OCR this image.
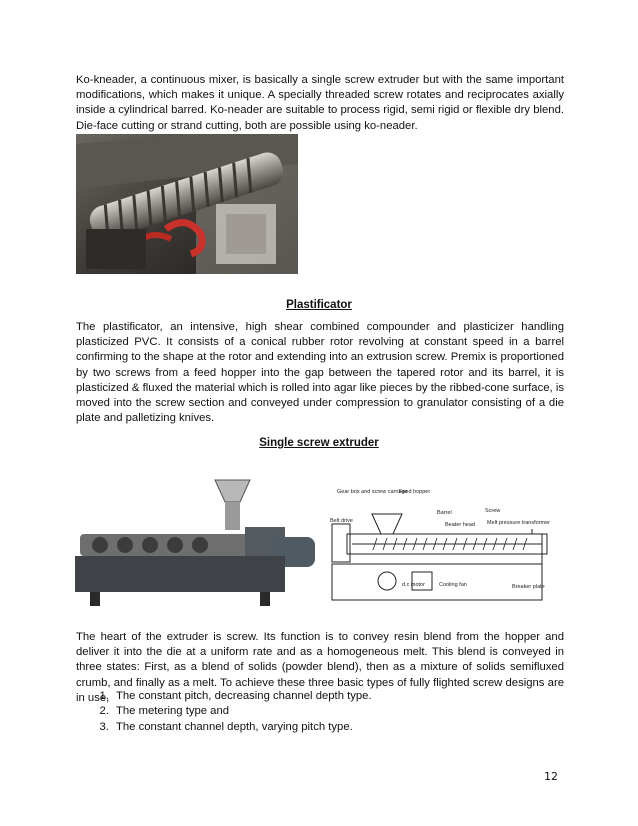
Ko-kneader, a continuous mixer, is basically a single screw extruder but with the same important modifications, which makes it unique. A specially threaded screw rotates and reciprocates axially inside a cylindrical barred. Ko-neader are suitable to process rigid, semi rigid or flexible dry blend. Die-face cutting or strand cutting, both are possible using ko-neader.

Plastificator

The plastificator, an intensive, high shear combined compounder and plasticizer handling plasticized PVC. It consists of a conical rubber rotor revolving at constant speed in a barrel confirming to the shape at the rotor and extending into an extrusion screw. Premix is proportioned by two screws from a feed hopper into the gap between the tapered rotor and its barrel, it is plasticized & fluxed the material which is rolled into agar like pieces by the ribbed-cone surface, is moved into the screw section and conveyed under compression to granulator consisting of a die plate and palletizing knives.

Single screw extruder
Gear box and screw carriage
Feed hopper
Belt drive
Barrel	Screw
Beater head Melt pressure transformer
d.c motor	Cooling fan	Breaker plate

The heart of the extruder is screw. Its function is to convey resin blend from the hopper and deliver it into the die at a uniform rate and as a homogeneous melt. This blend is conveyed in three states: First, as a blend of solids (powder blend), then as a mixture of solids semifluxed crumb, and finally as a melt. To achieve these three basic types of fully flighted screw designs are in use,

1. The constant pitch, decreasing channel depth type.
2. The metering type and
3. The constant channel depth, varying pitch type.
12
